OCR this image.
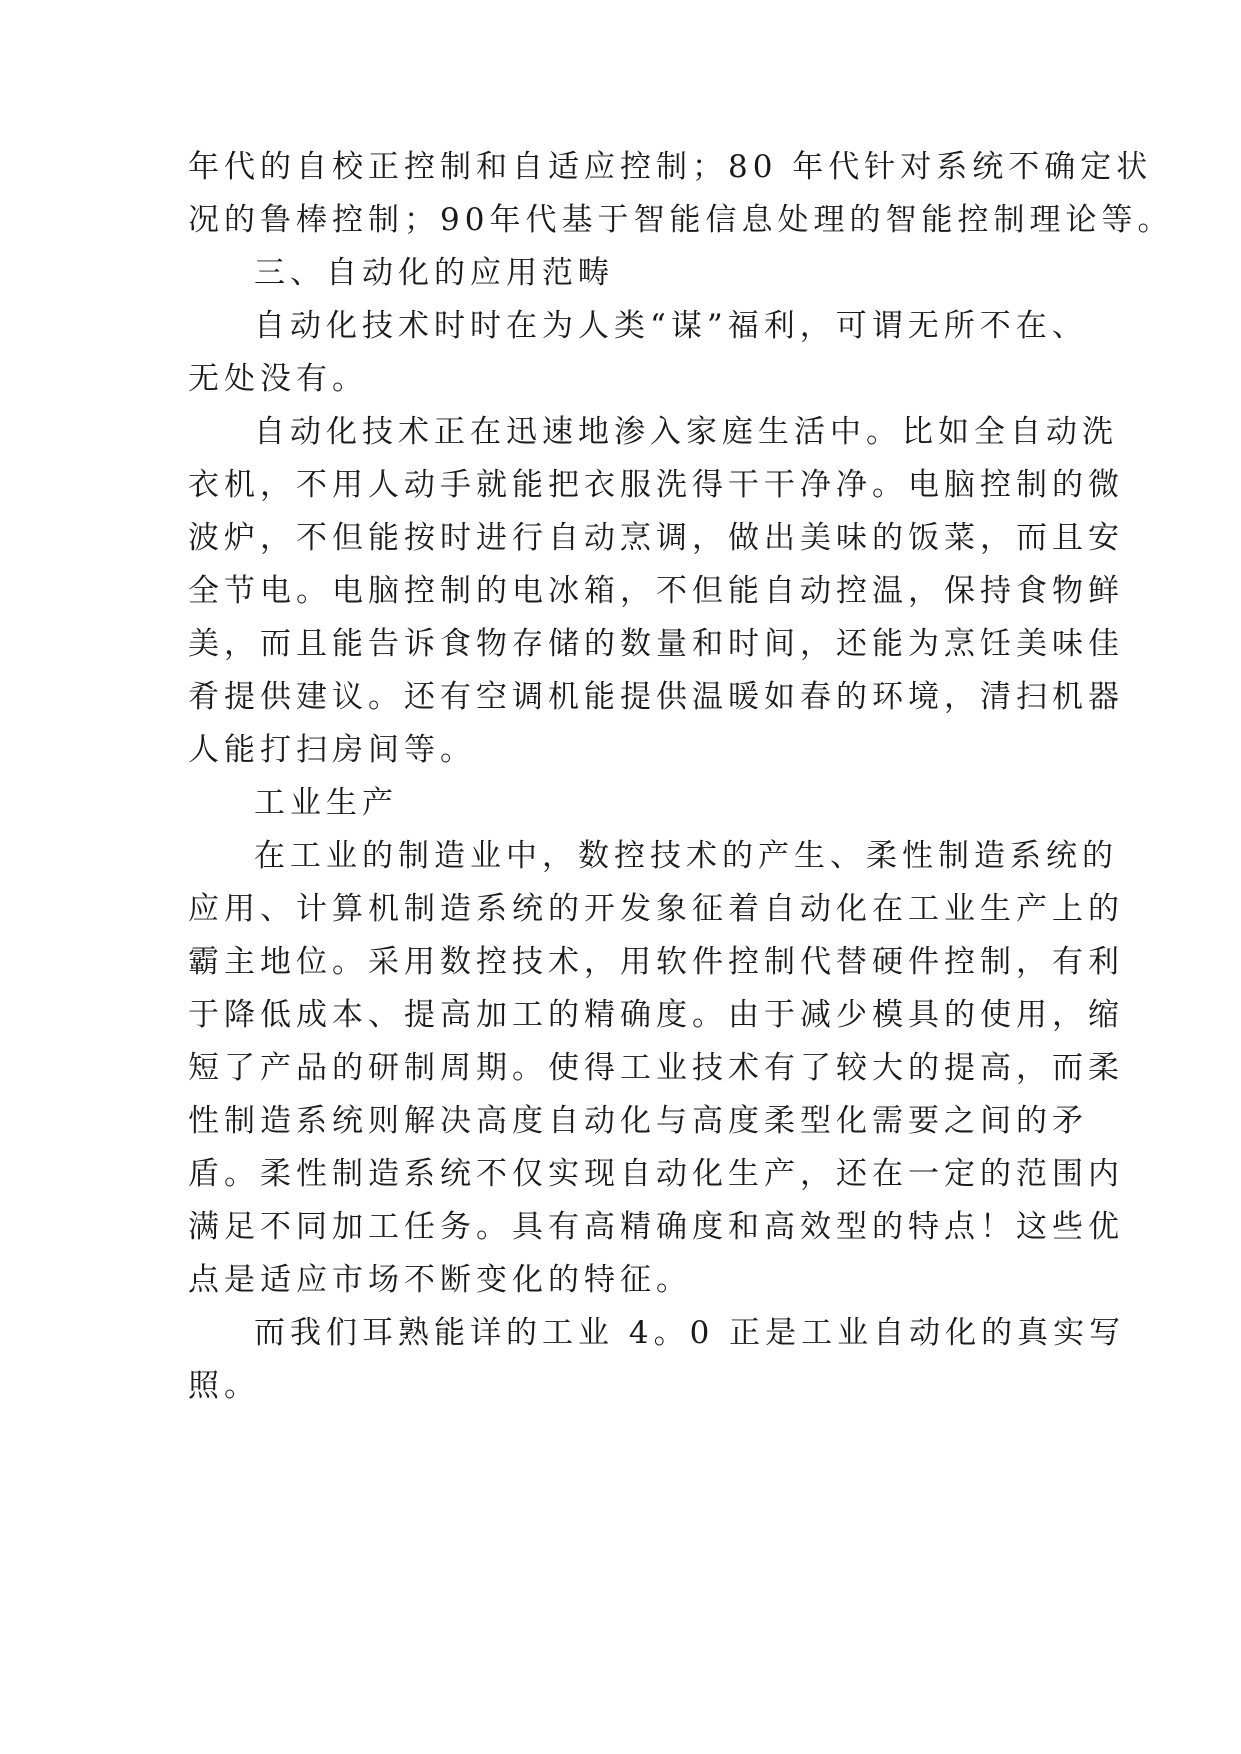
年代的自校正控制和自适应控制；80 年代针对系统不确定状
况的鲁棒控制；90年代基于智能信息处理的智能控制理论等。
三、自动化的应用范畴
自动化技术时时在为人类“谋”福利，可谓无所不在、
无处没有。
自动化技术正在迅速地渗入家庭生活中。比如全自动洗
衣机，不用人动手就能把衣服洗得干干净净。电脑控制的微
波炉，不但能按时进行自动烹调，做出美味的饭菜，而且安
全节电。电脑控制的电冰箱，不但能自动控温，保持食物鲜
美，而且能告诉食物存储的数量和时间，还能为烹饪美味佳
肴提供建议。还有空调机能提供温暖如春的环境，清扫机器
人能打扫房间等。
工业生产
在工业的制造业中，数控技术的产生、柔性制造系统的
应用、计算机制造系统的开发象征着自动化在工业生产上的
霸主地位。采用数控技术，用软件控制代替硬件控制，有利
于降低成本、提高加工的精确度。由于减少模具的使用，缩
短了产品的研制周期。使得工业技术有了较大的提高，而柔
性制造系统则解决高度自动化与高度柔型化需要之间的矛
盾。柔性制造系统不仅实现自动化生产，还在一定的范围内
满足不同加工任务。具有高精确度和高效型的特点！这些优
点是适应市场不断变化的特征。
而我们耳熟能详的工业 4。0 正是工业自动化的真实写
照。
